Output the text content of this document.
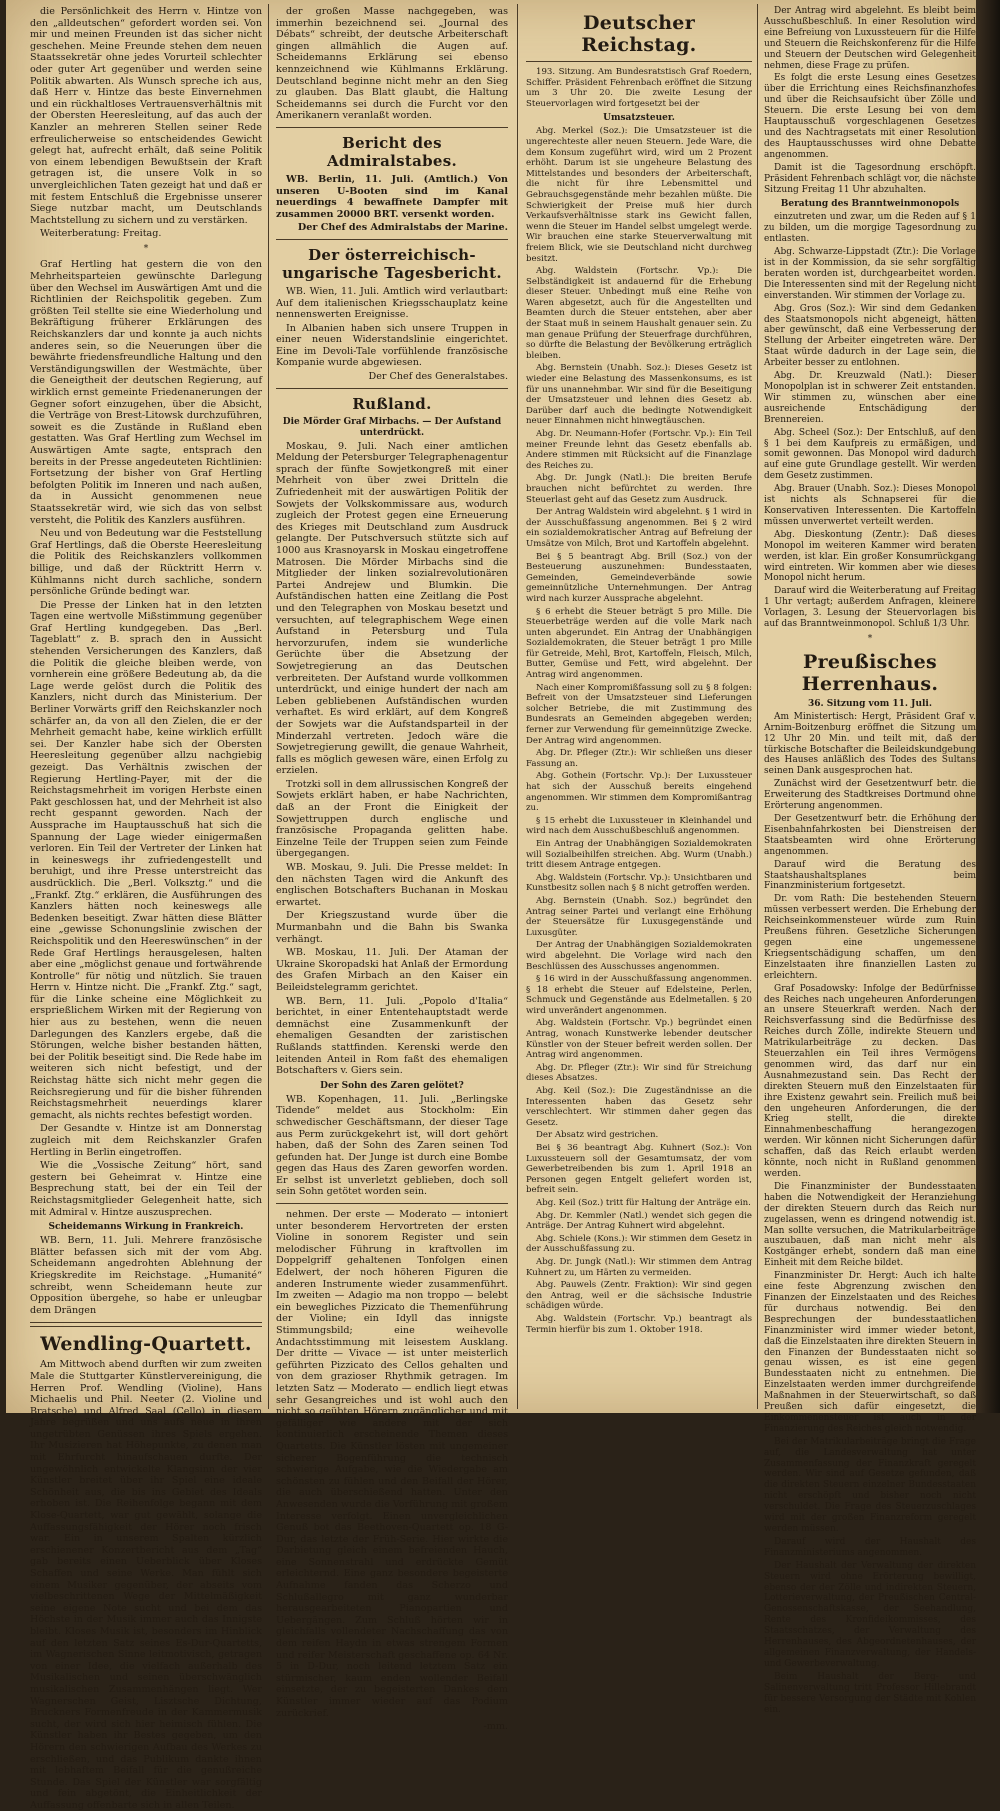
die Persönlichkeit des Herrn v. Hintze von den „alldeutschen“ gefordert worden sei. Von mir und meinen Freunden ist das sicher nicht geschehen. Meine Freunde stehen dem neuen Staatssekretär ohne jedes Vorurteil schlechter oder guter Art gegenüber und werden seine Politik abwarten. Als Wunsch spreche ich aus, daß Herr v. Hintze das beste Einvernehmen und ein rückhaltloses Vertrauensverhältnis mit der Obersten Heeresleitung, auf das auch der Kanzler an mehreren Stellen seiner Rede erfreulicherweise so entscheidendes Gewicht gelegt hat, aufrecht erhält, daß seine Politik von einem lebendigen Bewußtsein der Kraft getragen ist, die unsere Volk in so unvergleichlichen Taten gezeigt hat und daß er mit festem Entschluß die Ergebnisse unserer Siege nutzbar macht, um Deutschlands Machtstellung zu sichern und zu verstärken.

Weiterberatung: Freitag.

*

Graf Hertling hat gestern die von den Mehrheitsparteien gewünschte Darlegung über den Wechsel im Auswärtigen Amt und die Richtlinien der Reichspolitik gegeben. Zum größten Teil stellte sie eine Wiederholung und Bekräftigung früherer Erklärungen des Reichskanzlers dar und konnte ja auch nichts anderes sein, so die Neuerungen über die bewährte friedensfreundliche Haltung und den Verständigungswillen der Westmächte, über die Geneigtheit der deutschen Regierung, auf wirklich ernst gemeinte Friedenanerungen der Gegner sofort einzugehen, über die Absicht, die Verträge von Brest-Litowsk durchzuführen, soweit es die Zustände in Rußland eben gestatten. Was Graf Hertling zum Wechsel im Auswärtigen Amte sagte, entsprach den bereits in der Presse angedeuteten Richtlinien: Fortsetzung der bisher von Graf Hertling befolgten Politik im Inneren und nach außen, da in Aussicht genommenen neue Staatssekretär wird, wie sich das von selbst versteht, die Politik des Kanzlers ausführen.

Neu und von Bedeutung war die Feststellung Graf Hertlings, daß die Oberste Heeresleitung die Politik des Reichskanzlers vollkommen billige, und daß der Rücktritt Herrn v. Kühlmanns nicht durch sachliche, sondern persönliche Gründe bedingt war.

Die Presse der Linken hat in den letzten Tagen eine wertvolle Mißstimmung gegenüber Graf Hertling kundgegeben. Das „Berl. Tageblatt“ z. B. sprach den in Aussicht stehenden Versicherungen des Kanzlers, daß die Politik die gleiche bleiben werde, von vornherein eine größere Bedeutung ab, da die Lage werde gelöst durch die Politik des Kanzlers, nicht durch das Ministerium. Der Berliner Vorwärts griff den Reichskanzler noch schärfer an, da von all den Zielen, die er der Mehrheit gemacht habe, keine wirklich erfüllt sei. Der Kanzler habe sich der Obersten Heeresleitung gegenüber allzu nachgiebig gezeigt. Das Verhältnis zwischen der Regierung Hertling-Payer, mit der die Reichstagsmehrheit im vorigen Herbste einen Pakt geschlossen hat, und der Mehrheit ist also recht gespannt geworden. Nach der Aussprache im Hauptausschuß hat sich die Spannung der Lage wieder einigermaßen verloren. Ein Teil der Vertreter der Linken hat in keineswegs ihr zufriedengestellt und beruhigt, und ihre Presse unterstreicht das ausdrücklich. Die „Berl. Volksztg.“ und die „Frankf. Ztg.“ erklären, die Ausführungen des Kanzlers hätten noch keineswegs alle Bedenken beseitigt. Zwar hätten diese Blätter eine „gewisse Schonungslinie zwischen der Reichspolitik und den Heereswünschen“ in der Rede Graf Hertlings herausgelesen, halten aber eine „möglichst genaue und fortwährende Kontrolle“ für nötig und nützlich. Sie trauen Herrn v. Hintze nicht. Die „Frankf. Ztg.“ sagt, für die Linke scheine eine Möglichkeit zu ersprießlichem Wirken mit der Regierung von hier aus zu bestehen, wenn die neuen Darlegungen des Kanzlers ergebe, daß die Störungen, welche bisher bestanden hätten, bei der Politik beseitigt sind. Die Rede habe im weiteren sich nicht befestigt, und der Reichstag hätte sich nicht mehr gegen die Reichsregierung und für die bisher führenden Reichstagsmehrheit neuerdings klarer gemacht, als nichts rechtes befestigt worden.

Der Gesandte v. Hintze ist am Donnerstag zugleich mit dem Reichskanzler Grafen Hertling in Berlin eingetroffen.

Wie die „Vossische Zeitung“ hört, sand gestern bei Geheimrat v. Hintze eine Besprechung statt, bei der ein Teil der Reichstagsmitglieder Gelegenheit hatte, sich mit Admiral v. Hintze auszusprechen.

Scheidemanns Wirkung in Frankreich.

WB. Bern, 11. Juli. Mehrere französische Blätter befassen sich mit der vom Abg. Scheidemann angedrohten Ablehnung der Kriegskredite im Reichstage. „Humanité“ schreibt, wenn Scheidemann heute zur Opposition übergehe, so habe er unleugbar dem Drängen

Wendling-Quartett.

Am Mittwoch abend durften wir zum zweiten Male die Stuttgarter Künstlervereinigung, die Herren Prof. Wendling (Violine), Hans Michaelis und Phil. Neeter (2. Violine und Bratsche) und Alfred Saal (Cello) in diesem Jahre begrüßen und uns aufs neue in ihren ungetrübten Genüssen ihres Spiels ergehen. Ihr Musizieren hat Höhepunkte, zu denen man mit Ehrfurcht hinaufschauen durfte. Der ungewöhnlich entwickelte Klangsinn der vier Künstler breitet über ihr Spiel eine ideale Schönheit aus, die bis ins Gebiet des Ideals erhoben ist. Die Reihenfolge begann mit dem Klose-Quartett, war gut gewählt, solange die Auffassungsfähigkeit der Hörer noch frisch war. Ein in unserem Spalten kürzlich erschienener Konzertbericht aus dem „Tag“ gab bereits einen Ueberblick über Kloses Schaffen und seine Werke. Man fühlt sich einem Musiker gegenüber, der abseits vom vielbeschrittenen Wege der Mittelmäßigkeit seine eigene Note sucht und bei dem das Höchste in der Musik immer auch das Innigste bleibt. Kloses Musik ist, besonders im Hinblick auf den letzten Satz seines Es-Dur-Quartetts, im Wagnerischen Sinne leitmotivisch, getragen von einer Idee, die vielfach außerhalb des Musikalischen und seinen überschwänglich musikalischen Zusammenhängen liegt. Wer Wagnerschen Geist, Lisztsche Dichtung, Bruckners Formenfreude in der Kammermusik sucht, der wird sich hier heimisch fühlen. Die Künstler haben ihr Bestes gegeben, um den Hörern den schwierigen Aufbau des Werkes zu erschließen, und das Publikum dankte ihnen mit lebhaftem Beifall für die genußreiche Stunde. Das Spiel der Künstler war sorgfältig und fein abgetönt, die Einheitlichkeit der Auffassung offenbarte sich in allen Teilen.

der großen Masse nachgegeben, was immerhin bezeichnend sei. „Journal des Débats“ schreibt, der deutsche Arbeiterschaft gingen allmählich die Augen auf. Scheidemanns Erklärung sei ebenso kennzeichnend wie Kühlmanns Erklärung. Deutschland beginne nicht mehr an den Sieg zu glauben. Das Blatt glaubt, die Haltung Scheidemanns sei durch die Furcht vor den Amerikanern veranlaßt worden.

Bericht des Admiralstabes.

WB. Berlin, 11. Juli. (Amtlich.) Von unseren U-Booten sind im Kanal neuerdings 4 bewaffnete Dampfer mit zusammen 20000 BRT. versenkt worden.

Der Chef des Admiralstabs der Marine.

Der österreichisch-ungarische Tagesbericht.

WB. Wien, 11. Juli. Amtlich wird verlautbart: Auf dem italienischen Kriegsschauplatz keine nennenswerten Ereignisse.

In Albanien haben sich unsere Truppen in einer neuen Widerstandslinie eingerichtet. Eine im Devoli-Tale vorfühlende französische Kompanie wurde abgewiesen.

Der Chef des Generalstabes.

Rußland.
Die Mörder Graf Mirbachs. — Der Aufstand unterdrückt.

Moskau, 9. Juli. Nach einer amtlichen Meldung der Petersburger Telegraphenagentur sprach der fünfte Sowjetkongreß mit einer Mehrheit von über zwei Dritteln die Zufriedenheit mit der auswärtigen Politik der Sowjets der Volkskommissare aus, wodurch zugleich der Protest gegen eine Erneuerung des Krieges mit Deutschland zum Ausdruck gelangte. Der Putschversuch stützte sich auf 1000 aus Krasnoyarsk in Moskau eingetroffene Matrosen. Die Mörder Mirbachs sind die Mitglieder der linken sozialrevolutionären Partei Andrejew und Blumkin. Die Aufständischen hatten eine Zeitlang die Post und den Telegraphen von Moskau besetzt und versuchten, auf telegraphischem Wege einen Aufstand in Petersburg und Tula hervorzurufen, indem sie wunderliche Gerüchte über die Absetzung der Sowjetregierung an das Deutschen verbreiteten. Der Aufstand wurde vollkommen unterdrückt, und einige hundert der nach am Leben gebliebenen Aufständischen wurden verhaftet. Es wird erklärt, auf dem Kongreß der Sowjets war die Aufstandsparteil in der Minderzahl vertreten. Jedoch wäre die Sowjetregierung gewillt, die genaue Wahrheit, falls es möglich gewesen wäre, einen Erfolg zu erzielen.

Trotzki soll in dem allrussischen Kongreß der Sowjets erklärt haben, er habe Nachrichten, daß an der Front die Einigkeit der Sowjettruppen durch englische und französische Propaganda gelitten habe. Einzelne Teile der Truppen seien zum Feinde übergegangen.

WB. Moskau, 9. Juli. Die Presse meldet: In den nächsten Tagen wird die Ankunft des englischen Botschafters Buchanan in Moskau erwartet.

Der Kriegszustand wurde über die Murmanbahn und die Bahn bis Swanka verhängt.

WB. Moskau, 11. Juli. Der Ataman der Ukraine Skoropadski hat Anlaß der Ermordung des Grafen Mirbach an den Kaiser ein Beileidstelegramm gerichtet.

WB. Bern, 11. Juli. „Popolo d'Italia“ berichtet, in einer Ententehauptstadt werde demnächst eine Zusammenkunft der ehemaligen Gesandten der zaristischen Rußlands stattfinden. Kerenski werde den leitenden Anteil in Rom faßt des ehemaligen Botschafters v. Giers sein.

Der Sohn des Zaren gelötet?

WB. Kopenhagen, 11. Juli. „Berlingske Tidende“ meldet aus Stockholm: Ein schwedischer Geschäftsmann, der dieser Tage aus Perm zurückgekehrt ist, will dort gehört haben, daß der Sohn des Zaren seinen Tod gefunden hat. Der Junge ist durch eine Bombe gegen das Haus des Zaren geworfen worden. Er selbst ist unverletzt geblieben, doch soll sein Sohn getötet worden sein.

nehmen. Der erste — Moderato — intoniert unter besonderem Hervortreten der ersten Violine in sonorem Register und sein melodischer Führung in kraftvollen im Doppelgriff gehaltenen Tonfolgen einen Edelwert, der noch höheren Figuren die anderen Instrumente wieder zusammenführt. Im zweiten — Adagio ma non troppo — belebt ein bewegliches Pizzicato die Themenführung der Violine; ein Idyll das innigste Stimmungsbild; eine weihevolle Andachtsstimmung mit leisestem Ausklang. Der dritte — Vivace — ist unter meisterlich geführten Pizzicato des Cellos gehalten und von dem grazioser Rhythmik getragen. Im letzten Satz — Moderato — endlich liegt etwas sehr Gesangreiches und ist wohl auch den nicht so geübten Hörern zugänglicher und mit gefälliger wie andere mit der sich kontinuierlich erscheinende Themen dieses Quartetts. Die Künstler lösten mit ungemeiner sicherer Bogenführung die technisch schwierige Aufgabe, wie die Wiedergabe am schönsten zu fühlen und den Beifall der Hörer, die auch überschießend hatten. Unter den Anwesenden wurde die Vorführung mit großem Interesse verfolgt. Einen unvergleichlichen Genuß bot das Beethoven-Quartett op. 18 G-Dur, das letzte der Früh-Serie. Hier wirkte die Darbietung gleich einem befreienden Hauch, eine Sonnenstrahl und erdrückte Gemüt erleichternd. Eine ganz besondere begeisterte Aufnahme fanden das Scherzo und Schlußallegro mit ganz wunderbar herausgearbeiteten Pianopartien und Uebergängen. Zum Schluß hörten wir in gleichfalls vollendeter Nachschaffung das von dem reifen Haydn in etwas strengem Formen und reifer Meisterschaft geschaffene op. 64 Nr. 5 in D-Dur, noch leitend letztem Satz ein stürmischer, kaum enden wollender Beifall einsetzte, der zu begeisterten Dankes dem Künstler immer wieder auf das Podium zurückrief.

-mm.

Deutscher Reichstag.

193. Sitzung. Am Bundesratstisch Graf Roedern, Schiffer. Präsident Fehrenbach eröffnet die Sitzung um 3 Uhr 20. Die zweite Lesung der Steuervorlagen wird fortgesetzt bei der

Umsatzsteuer.

Abg. Merkel (Soz.): Die Umsatzsteuer ist die ungerechteste aller neuen Steuern. Jede Ware, die dem Konsum zugeführt wird, wird um 2 Prozent erhöht. Darum ist sie ungeheure Belastung des Mittelstandes und besonders der Arbeiterschaft, die nicht für ihre Lebensmittel und Gebrauchsgegenstände mehr bezahlen müßte. Die Schwierigkeit der Preise muß hier durch Verkaufsverhältnisse stark ins Gewicht fallen, wenn die Steuer im Handel selbst umgelegt werde. Wir brauchen eine starke Steuerverwaltung mit freiem Blick, wie sie Deutschland nicht durchweg besitzt.

Abg. Waldstein (Fortschr. Vp.): Die Selbständigkeit ist andauernd für die Erhebung dieser Steuer. Unbedingt muß eine Reihe von Waren abgesetzt, auch für die Angestellten und Beamten durch die Steuer entstehen, aber aber der Staat muß in seinem Haushalt genauer sein. Zu man genaue Prüfung der Steuerfrage durchführen, so dürfte die Belastung der Bevölkerung erträglich bleiben.

Abg. Bernstein (Unabh. Soz.): Dieses Gesetz ist wieder eine Belastung des Massenkonsums, es ist für uns unannehmbar. Wir sind für die Beseitigung der Umsatzsteuer und lehnen dies Gesetz ab. Darüber darf auch die bedingte Notwendigkeit neuer Einnahmen nicht hinwegtäuschen.

Abg. Dr. Neumann-Hofer (Fortschr. Vp.): Ein Teil meiner Freunde lehnt das Gesetz ebenfalls ab. Andere stimmen mit Rücksicht auf die Finanzlage des Reiches zu.

Abg. Dr. Jungk (Natl.): Die breiten Berufe brauchen nicht befürchtet zu werden. Ihre Steuerlast geht auf das Gesetz zum Ausdruck.

Der Antrag Waldstein wird abgelehnt. § 1 wird in der Ausschußfassung angenommen. Bei § 2 wird ein sozialdemokratischer Antrag auf Befreiung der Umsätze von Milch, Brot und Kartoffeln abgelehnt.

Bei § 5 beantragt Abg. Brill (Soz.) von der Besteuerung auszunehmen: Bundesstaaten, Gemeinden, Gemeindeverbände sowie gemeinnützliche Unternehmungen. Der Antrag wird nach kurzer Aussprache abgelehnt.

§ 6 erhebt die Steuer beträgt 5 pro Mille. Die Steuerbeträge werden auf die volle Mark nach unten abgerundet. Ein Antrag der Unabhängigen Sozialdemokraten, die Steuer beträgt 1 pro Mille für Getreide, Mehl, Brot, Kartoffeln, Fleisch, Milch, Butter, Gemüse und Fett, wird abgelehnt. Der Antrag wird angenommen.

Nach einer Kompromißfassung soll zu § 8 folgen: Befreit von der Umsatzsteuer sind Lieferungen solcher Betriebe, die mit Zustimmung des Bundesrats an Gemeinden abgegeben werden; ferner zur Verwendung für gemeinnützige Zwecke. Der Antrag wird angenommen.

Abg. Dr. Pfleger (Ztr.): Wir schließen uns dieser Fassung an.

Abg. Gothein (Fortschr. Vp.): Der Luxussteuer hat sich der Ausschuß bereits eingehend angenommen. Wir stimmen dem Kompromißantrag zu.

§ 15 erhebt die Luxussteuer in Kleinhandel und wird nach dem Ausschußbeschluß angenommen.

Ein Antrag der Unabhängigen Sozialdemokraten will Sozialbeihilfen streichen. Abg. Wurm (Unabh.) tritt diesem Antrage entgegen.

Abg. Waldstein (Fortschr. Vp.): Unsichtbaren und Kunstbesitz sollen nach § 8 nicht getroffen werden.

Abg. Bernstein (Unabh. Soz.) begründet den Antrag seiner Partei und verlangt eine Erhöhung der Steuersätze für Luxusgegenstände und Luxusgüter.

Der Antrag der Unabhängigen Sozialdemokraten wird abgelehnt. Die Vorlage wird nach den Beschlüssen des Ausschusses angenommen.

§ 16 wird in der Ausschußfassung angenommen. § 18 erhebt die Steuer auf Edelsteine, Perlen, Schmuck und Gegenstände aus Edelmetallen. § 20 wird unverändert angenommen.

Abg. Waldstein (Fortschr. Vp.) begründet einen Antrag, wonach Kunstwerke lebender deutscher Künstler von der Steuer befreit werden sollen. Der Antrag wird angenommen.

Abg. Dr. Pfleger (Ztr.): Wir sind für Streichung dieses Absatzes.

Abg. Keil (Soz.): Die Zugeständnisse an die Interessenten haben das Gesetz sehr verschlechtert. Wir stimmen daher gegen das Gesetz.

Der Absatz wird gestrichen.

Bei § 36 beantragt Abg. Kuhnert (Soz.): Von Luxussteuern soll der Gesamtumsatz, der vom Gewerbetreibenden bis zum 1. April 1918 an Personen gegen Entgelt geliefert worden ist, befreit sein.

Abg. Keil (Soz.) tritt für Haltung der Anträge ein.

Abg. Dr. Kemmler (Natl.) wendet sich gegen die Anträge. Der Antrag Kuhnert wird abgelehnt.

Abg. Schiele (Kons.): Wir stimmen dem Gesetz in der Ausschußfassung zu.

Abg. Dr. Jungk (Natl.): Wir stimmen dem Antrag Kuhnert zu, um Härten zu vermeiden.

Abg. Pauwels (Zentr. Fraktion): Wir sind gegen den Antrag, weil er die sächsische Industrie schädigen würde.

Abg. Waldstein (Fortschr. Vp.) beantragt als Termin hierfür bis zum 1. Oktober 1918.

Der Antrag wird abgelehnt. Es bleibt beim Ausschußbeschluß. In einer Resolution wird eine Befreiung von Luxussteuern für die Hilfe und Steuern die Reichskonferenz für die Hilfe und Steuern der Deutschen wird Gelegenheit nehmen, diese Frage zu prüfen.

Es folgt die erste Lesung eines Gesetzes über die Errichtung eines Reichsfinanzhofes und über die Reichsaufsicht über Zölle und Steuern. Die erste Lesung bei von dem Hauptausschuß vorgeschlagenen Gesetzes und des Nachtragsetats mit einer Resolution des Hauptausschusses wird ohne Debatte angenommen.

Damit ist die Tagesordnung erschöpft. Präsident Fehrenbach schlägt vor, die nächste Sitzung Freitag 11 Uhr abzuhalten.

Beratung des Branntweinmonopols

einzutreten und zwar, um die Reden auf § 1 zu bilden, um die morgige Tagesordnung zu entlasten.

Abg. Schwarze-Lippstadt (Ztr.): Die Vorlage ist in der Kommission, da sie sehr sorgfältig beraten worden ist, durchgearbeitet worden. Die Interessenten sind mit der Regelung nicht einverstanden. Wir stimmen der Vorlage zu.

Abg. Gros (Soz.): Wir sind dem Gedanken des Staatsmonopols nicht abgeneigt, hätten aber gewünscht, daß eine Verbesserung der Stellung der Arbeiter eingetreten wäre. Der Staat würde dadurch in der Lage sein, die Arbeiter besser zu entlohnen.

Abg. Dr. Kreuzwald (Natl.): Dieser Monopolplan ist in schwerer Zeit entstanden. Wir stimmen zu, wünschen aber eine ausreichende Entschädigung der Brennereien.

Abg. Scheel (Soz.): Der Entschluß, auf den § 1 bei dem Kaufpreis zu ermäßigen, und somit gewonnen. Das Monopol wird dadurch auf eine gute Grundlage gestellt. Wir werden dem Gesetz zustimmen.

Abg. Brauer (Unabh. Soz.): Dieses Monopol ist nichts als Schnapserei für die Konservativen Interessenten. Die Kartoffeln müssen unverwertet verteilt werden.

Abg. Dieskontung (Zentr.): Daß dieses Monopol im weiteren Kammer wird beraten werden, ist klar. Ein großer Konsumrückgang wird eintreten. Wir kommen aber wie dieses Monopol nicht herum.

Darauf wird die Weiterberatung auf Freitag 1 Uhr vertagt; außerdem Anfragen, kleinere Vorlagen, 3. Lesung der Steuervorlagen bis auf das Branntweinmonopol. Schluß 1/3 Uhr.

*
Preußisches Herrenhaus.
36. Sitzung vom 11. Juli.

Am Ministertisch: Hergt, Präsident Graf v. Arnim-Boitzenburg eröffnet die Sitzung um 12 Uhr 20 Min. und teilt mit, daß der türkische Botschafter die Beileidskundgebung des Hauses anläßlich des Todes des Sultans seinen Dank ausgesprochen hat.

Zunächst wird der Gesetzentwurf betr. die Erweiterung des Stadtkreises Dortmund ohne Erörterung angenommen.

Der Gesetzentwurf betr. die Erhöhung der Eisenbahnfahrkosten bei Dienstreisen der Staatsbeamten wird ohne Erörterung angenommen.

Darauf wird die Beratung des Staatshaushaltsplanes beim Finanzministerium fortgesetzt.

Dr. vom Rath: Die bestehenden Steuern müssen verbessert werden. Die Erhebung der Reichseinkommensteuer würde zum Ruin Preußens führen. Gesetzliche Sicherungen gegen eine ungemessene Kriegsentschädigung schaffen, um den Einzelstaaten ihre finanziellen Lasten zu erleichtern.

Graf Posadowsky: Infolge der Bedürfnisse des Reiches nach ungeheuren Anforderungen an unsere Steuerkraft werden. Nach der Reichsverfassung sind die Bedürfnisse des Reiches durch Zölle, indirekte Steuern und Matrikularbeiträge zu decken. Das Steuerzahlen ein Teil ihres Vermögens genommen wird, das darf nur ein Ausnahmezustand sein. Das Recht der direkten Steuern muß den Einzelstaaten für ihre Existenz gewahrt sein. Freilich muß bei den ungeheuren Anforderungen, die der Krieg stellt, die direkte Einnahmenbeschaffung herangezogen werden. Wir können nicht Sicherungen dafür schaffen, daß das Reich erlaubt werden könnte, noch nicht in Rußland genommen werden.

Die Finanzminister der Bundesstaaten haben die Notwendigkeit der Heranziehung der direkten Steuern durch das Reich nur zugelassen, wenn es dringend notwendig ist. Man sollte versuchen, die Matrikularbeiträge auszubauen, daß man nicht mehr als Kostgänger erhebt, sondern daß man eine Einheit mit dem Reiche bildet.

Finanzminister Dr. Hergt: Auch ich halte eine feste Abgrenzung zwischen den Finanzen der Einzelstaaten und des Reiches für durchaus notwendig. Bei den Besprechungen der bundesstaatlichen Finanzminister wird immer wieder betont, daß die Einzelstaaten ihre direkten Steuern in den Finanzen der Bundesstaaten nicht so genau wissen, es ist eine gegen Bundesstaaten nicht zu entnehmen. Die Einzelstaaten werden immer durchgreifende Maßnahmen in der Steuerwirtschaft, so daß Preußen sich dafür eingesetzt, die Einkommenensteuer ist auch in der Finanzierung des Reiches gleich notwendig.

Bei der Matrikularbeiträge bringt die Frage auf, die Landesverwaltung hat unter Zusammenfassung der Finanzkraft geregelt werden. Wir sind auf Gesetze gefunden, daß die direkten Steuern einzelner Bundesstaaten nicht erschöpft und bisher noch nicht verschuldet. Die Frage des Steuerzuschlages wird mit der großen Finanzreform geregelt werden müssen.

Darauf wird der Haushalt des Finanzministeriums angenommen.

Der Haushalt der Verwaltung der direkten Steuern wird ohne Erörterung bewilligt, ebenso der der Zölle und indirekten Steuern, Lotterieverwaltung, der Preußischen Central-Genossenschaftskasse, der Seehandlung, Rente des Kronfideikommisses, des Staatsschatzes, der Verwaltung des Herrenhauses, des Abgeordnetenhauses, der allgemeinen Finanzverwaltung, der Handels- und Gewerbeverwaltung.

Beim Haushalt der Berg- und Salinenverwaltung tritt Professor Hillebrandt für bessere Versorgung der Städte mit Kohlen ein.
